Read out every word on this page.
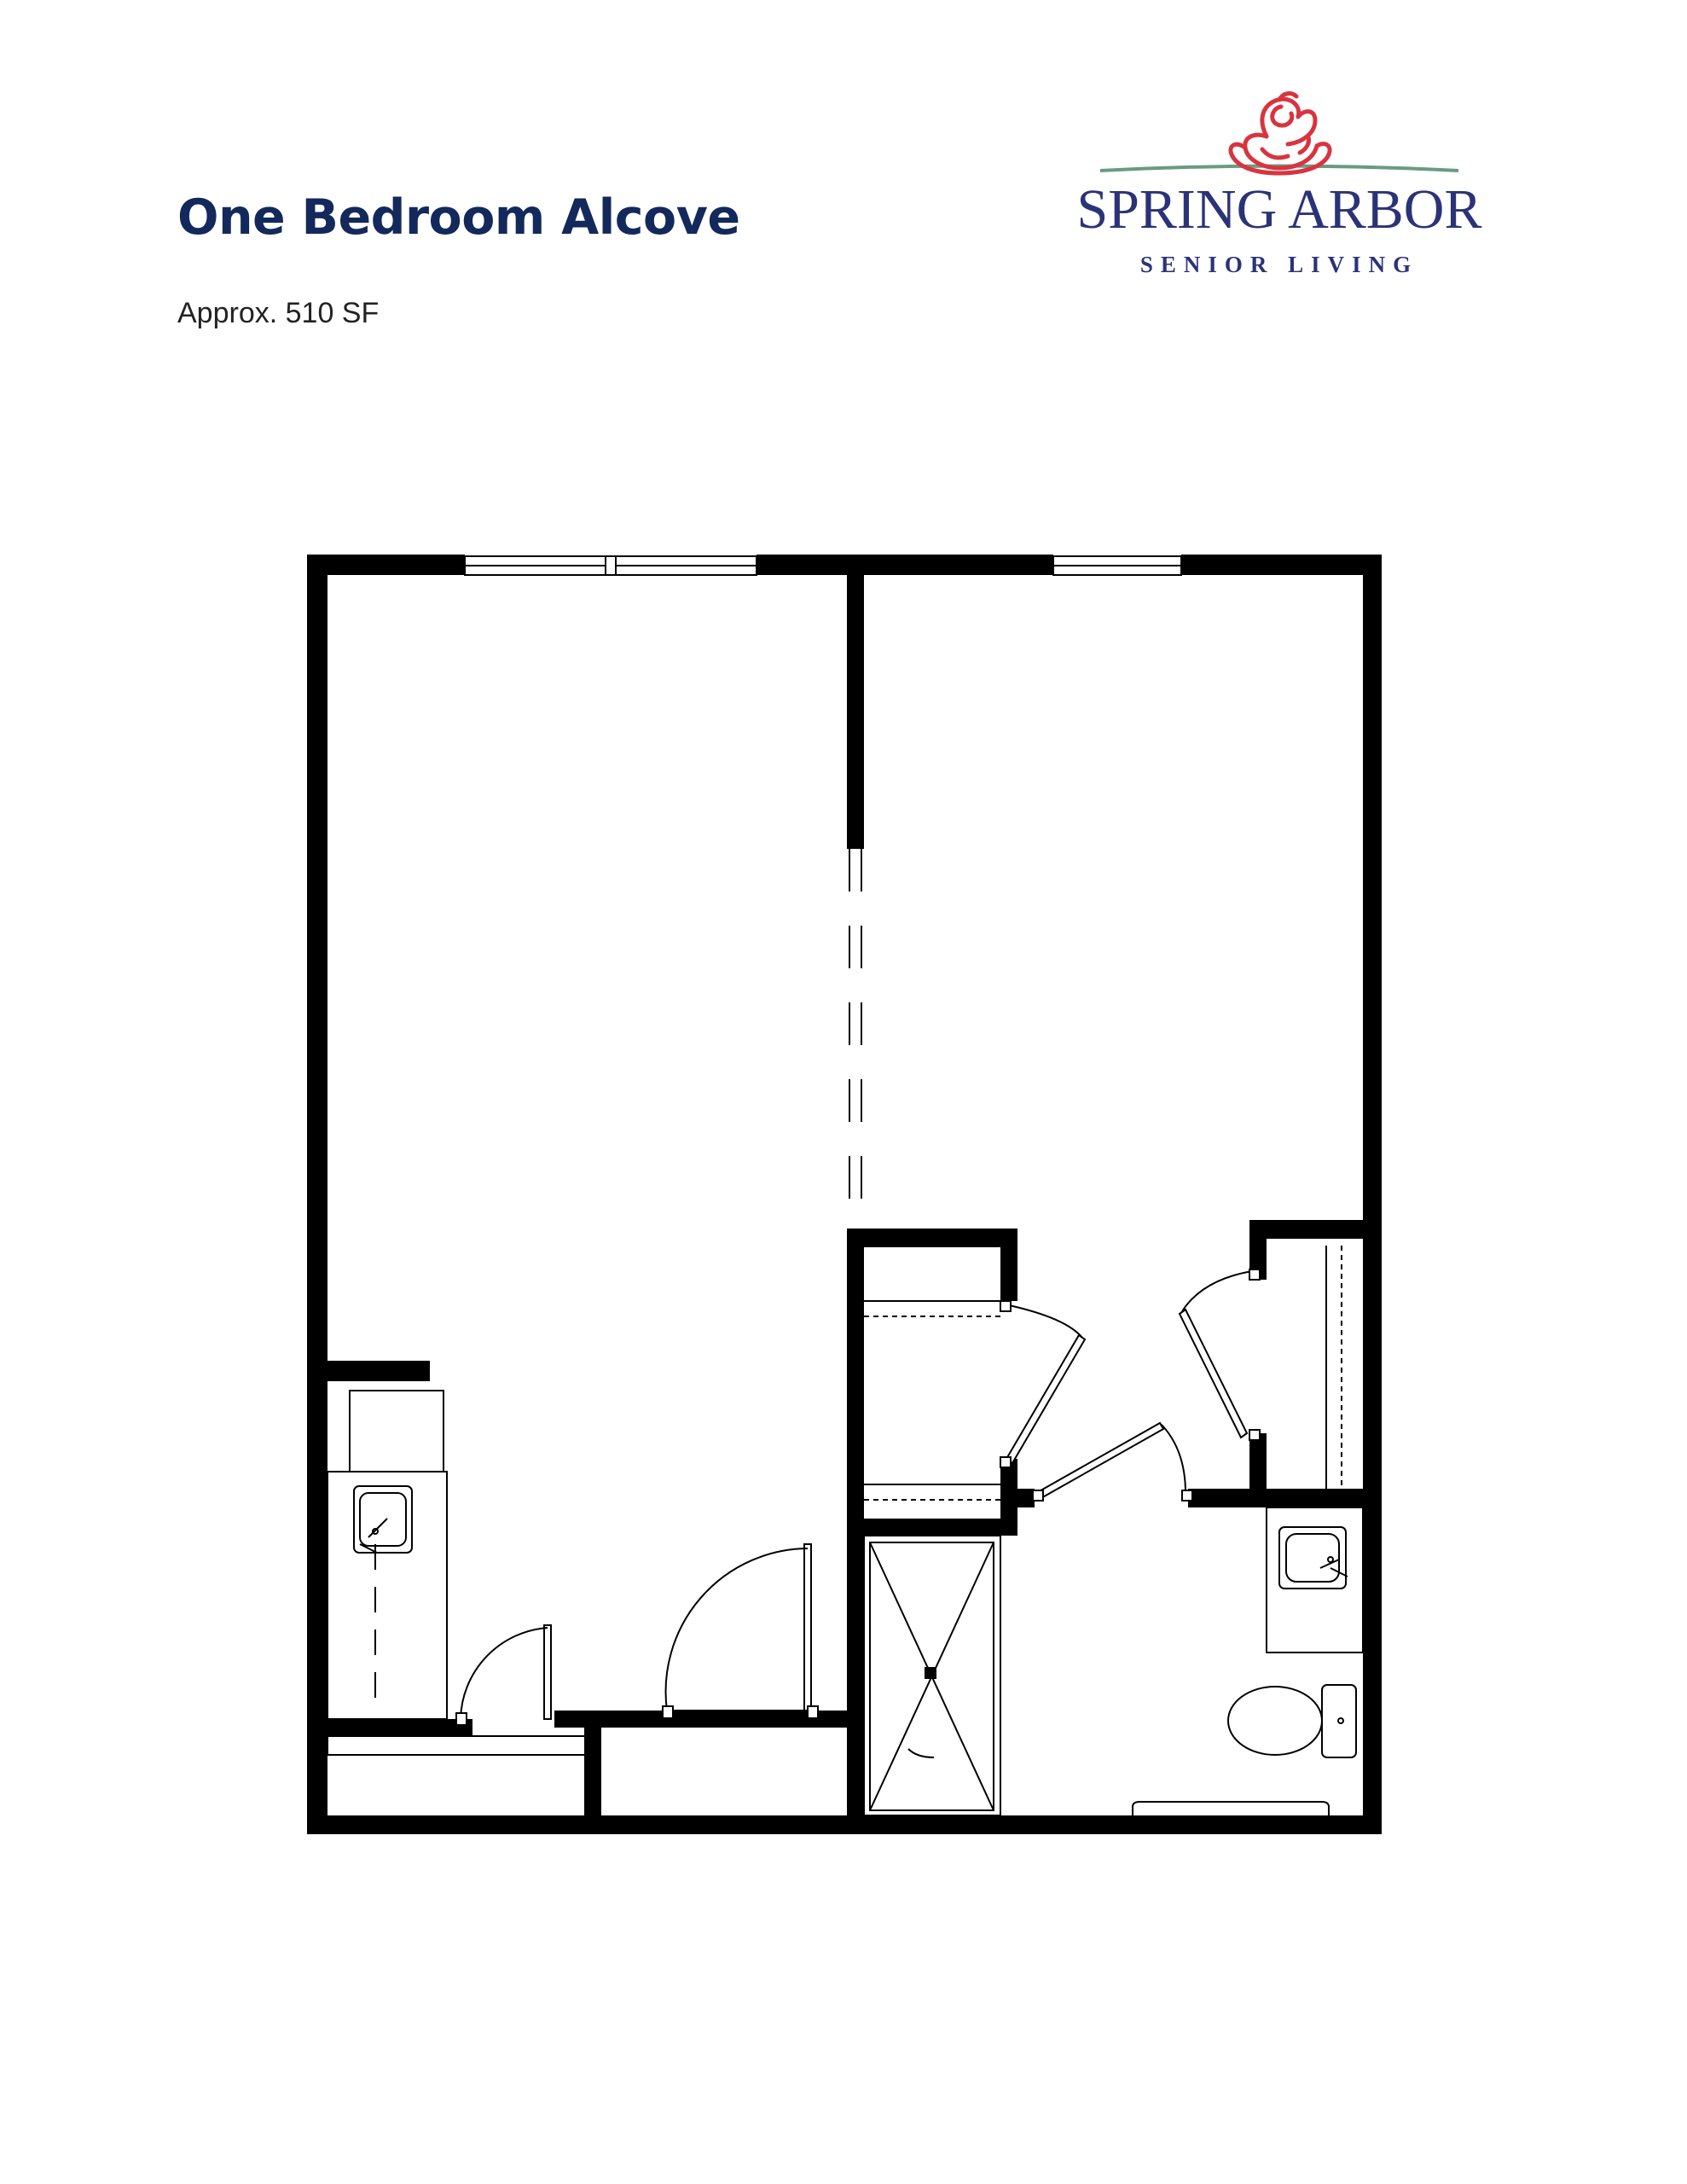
One Bedroom Alcove
Approx. 510 SF
SPRING ARBOR
SENIOR LIVING
